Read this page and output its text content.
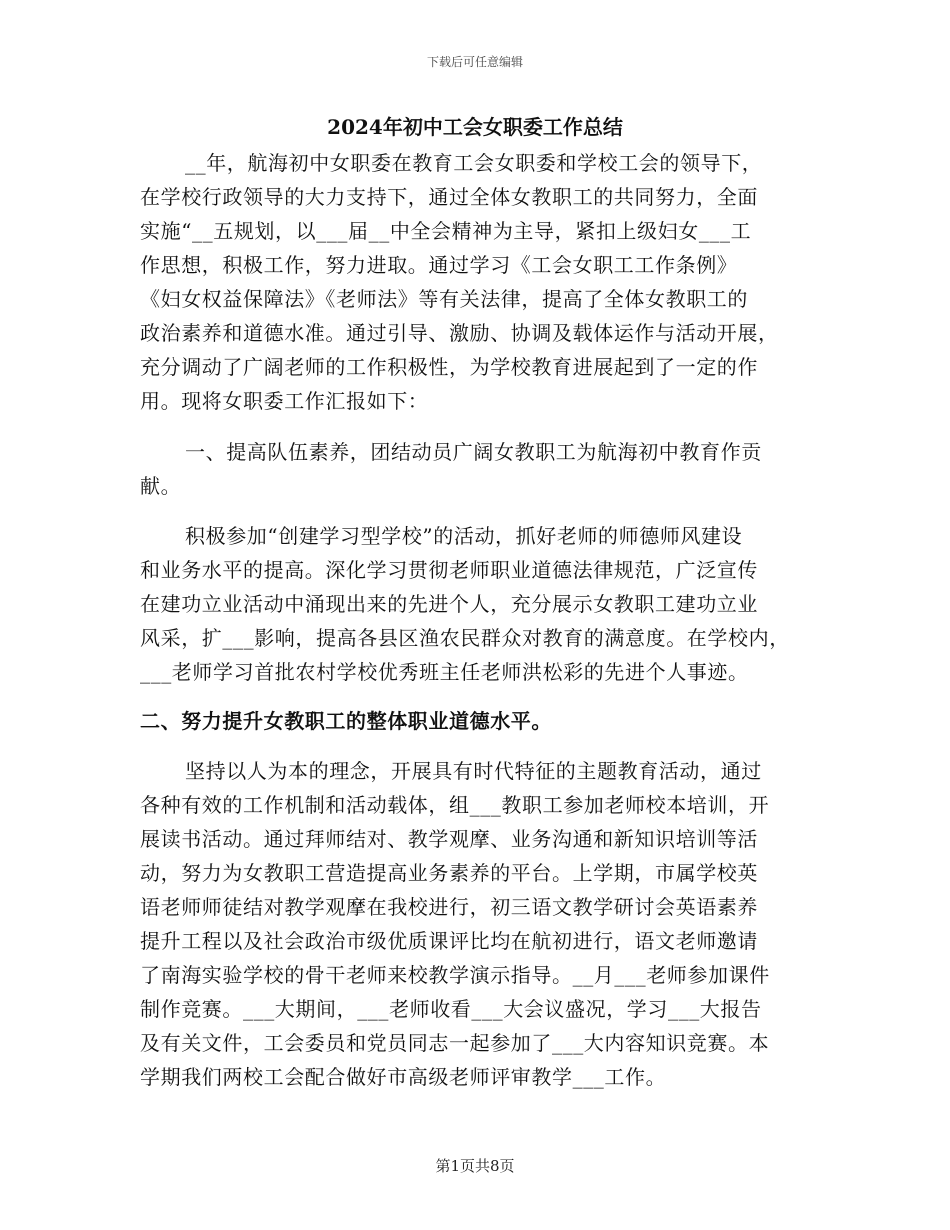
下载后可任意编辑
2024年初中工会女职委工作总结
__年，航海初中女职委在教育工会女职委和学校工会的领导下，
在学校行政领导的大力支持下，通过全体女教职工的共同努力，全面
实施“__五规划，以___届__中全会精神为主导，紧扣上级妇女___工
作思想，积极工作，努力进取。通过学习《工会女职工工作条例》
《妇女权益保障法》《老师法》等有关法律，提高了全体女教职工的
政治素养和道德水准。通过引导、激励、协调及载体运作与活动开展，
充分调动了广阔老师的工作积极性，为学校教育进展起到了一定的作
用。现将女职委工作汇报如下：
一、提高队伍素养，团结动员广阔女教职工为航海初中教育作贡
献。
积极参加“创建学习型学校”的活动，抓好老师的师德师风建设
和业务水平的提高。深化学习贯彻老师职业道德法律规范，广泛宣传
在建功立业活动中涌现出来的先进个人，充分展示女教职工建功立业
风采，扩___影响，提高各县区渔农民群众对教育的满意度。在学校内，
___老师学习首批农村学校优秀班主任老师洪松彩的先进个人事迹。
二、努力提升女教职工的整体职业道德水平。
坚持以人为本的理念，开展具有时代特征的主题教育活动，通过
各种有效的工作机制和活动载体，组___教职工参加老师校本培训，开
展读书活动。通过拜师结对、教学观摩、业务沟通和新知识培训等活
动，努力为女教职工营造提高业务素养的平台。上学期，市属学校英
语老师师徒结对教学观摩在我校进行，初三语文教学研讨会英语素养
提升工程以及社会政治市级优质课评比均在航初进行，语文老师邀请
了南海实验学校的骨干老师来校教学演示指导。__月___老师参加课件
制作竞赛。___大期间，___老师收看___大会议盛况，学习___大报告
及有关文件，工会委员和党员同志一起参加了___大内容知识竞赛。本
学期我们两校工会配合做好市高级老师评审教学___工作。
第1页共8页
